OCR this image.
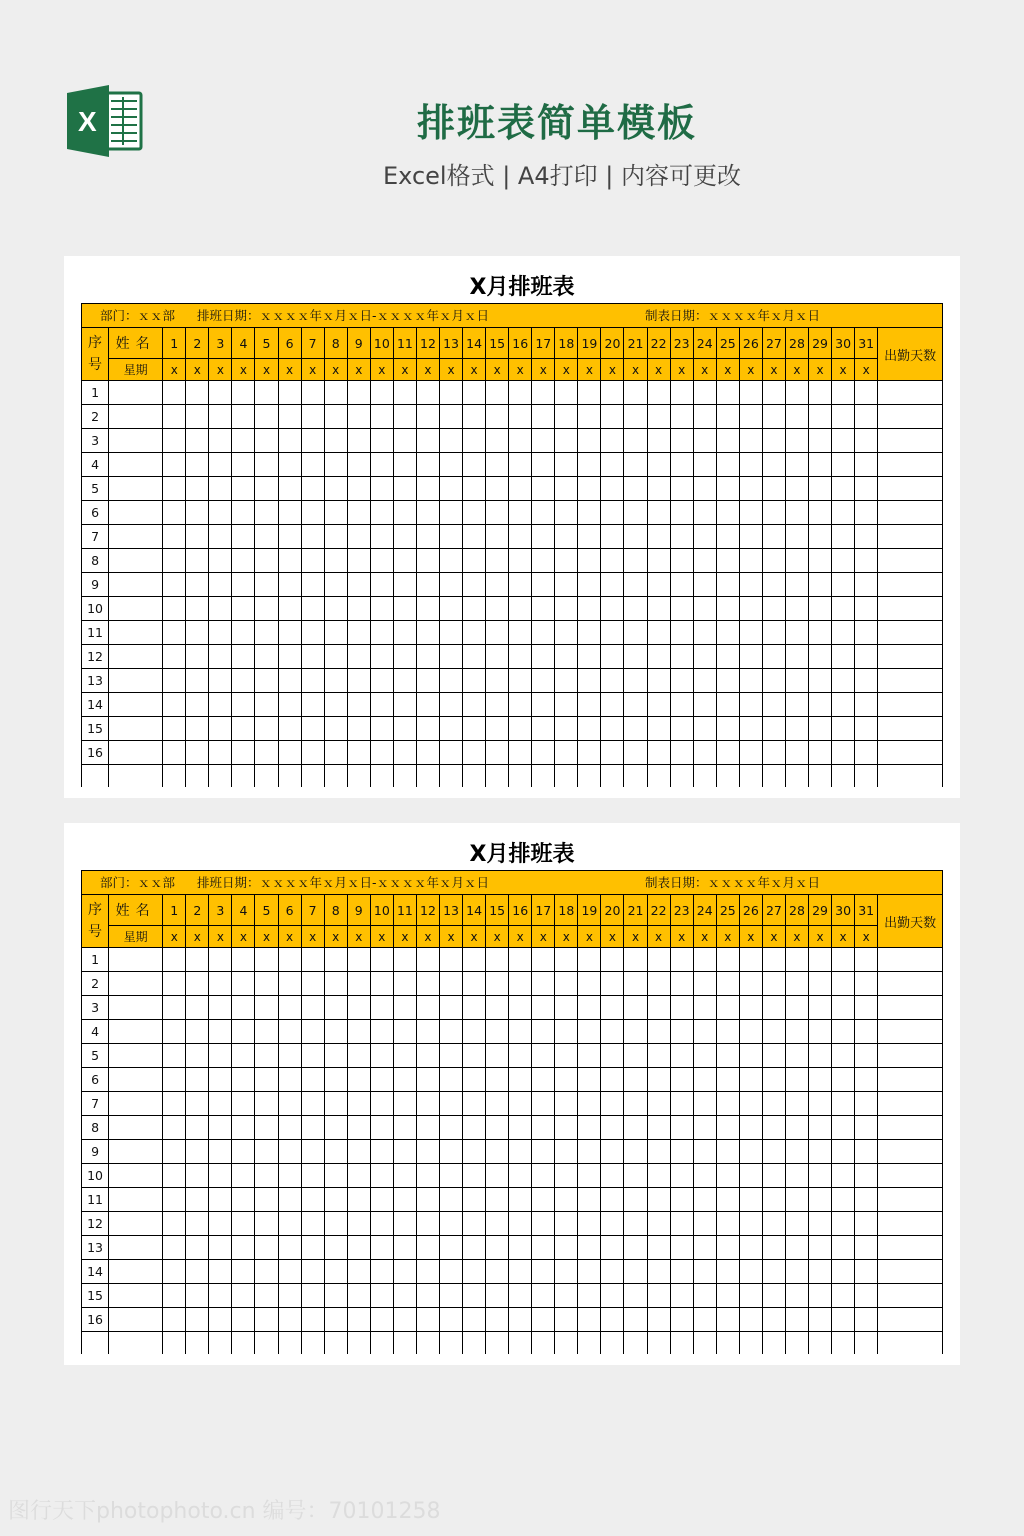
X	排班表简单模板
Excel格式 | A4打印 | 内容可更改
X月排班表
部门：ｘｘ部 排班日期：ｘｘｘｘ年ｘ月ｘ日-ｘｘｘｘ年ｘ月ｘ日 制表日期：ｘｘｘｘ年ｘ月ｘ日																																	

序
号	姓名	1	2	3	4	5	6	7	8	9	10	11	12	13	14	15	16	17	18	19	20	21	22	23	24	25	26	27	28	29	30	31	出勤天数
	星期	x	x	x	x	x	x	x	x	x	x	x	x	x	x	x	x	x	x	x	x	x	x	x	x	x	x	x	x	x	x	x	
1																																	
2																																	
3																																	
4																																	
5																																	
6																																	
7																																	
8																																	
9																																	
10																																	
11																																	
12																																	
13																																	
14																																	
15																																	
16																																	

X月排班表
部门：ｘｘ部 排班日期：ｘｘｘｘ年ｘ月ｘ日-ｘｘｘｘ年ｘ月ｘ日 制表日期：ｘｘｘｘ年ｘ月ｘ日																																	

序
号	姓名	1	2	3	4	5	6	7	8	9	10	11	12	13	14	15	16	17	18	19	20	21	22	23	24	25	26	27	28	29	30	31	出勤天数
	星期	x	x	x	x	x	x	x	x	x	x	x	x	x	x	x	x	x	x	x	x	x	x	x	x	x	x	x	x	x	x	x	
1																																	
2																																	
3																																	
4																																	
5																																	
6																																	
7																																	
8																																	
9																																	
10																																	
11																																	
12																																	
13																																	
14																																	
15																																	
16																																	

图行天下photophoto.cn 编号：70101258
